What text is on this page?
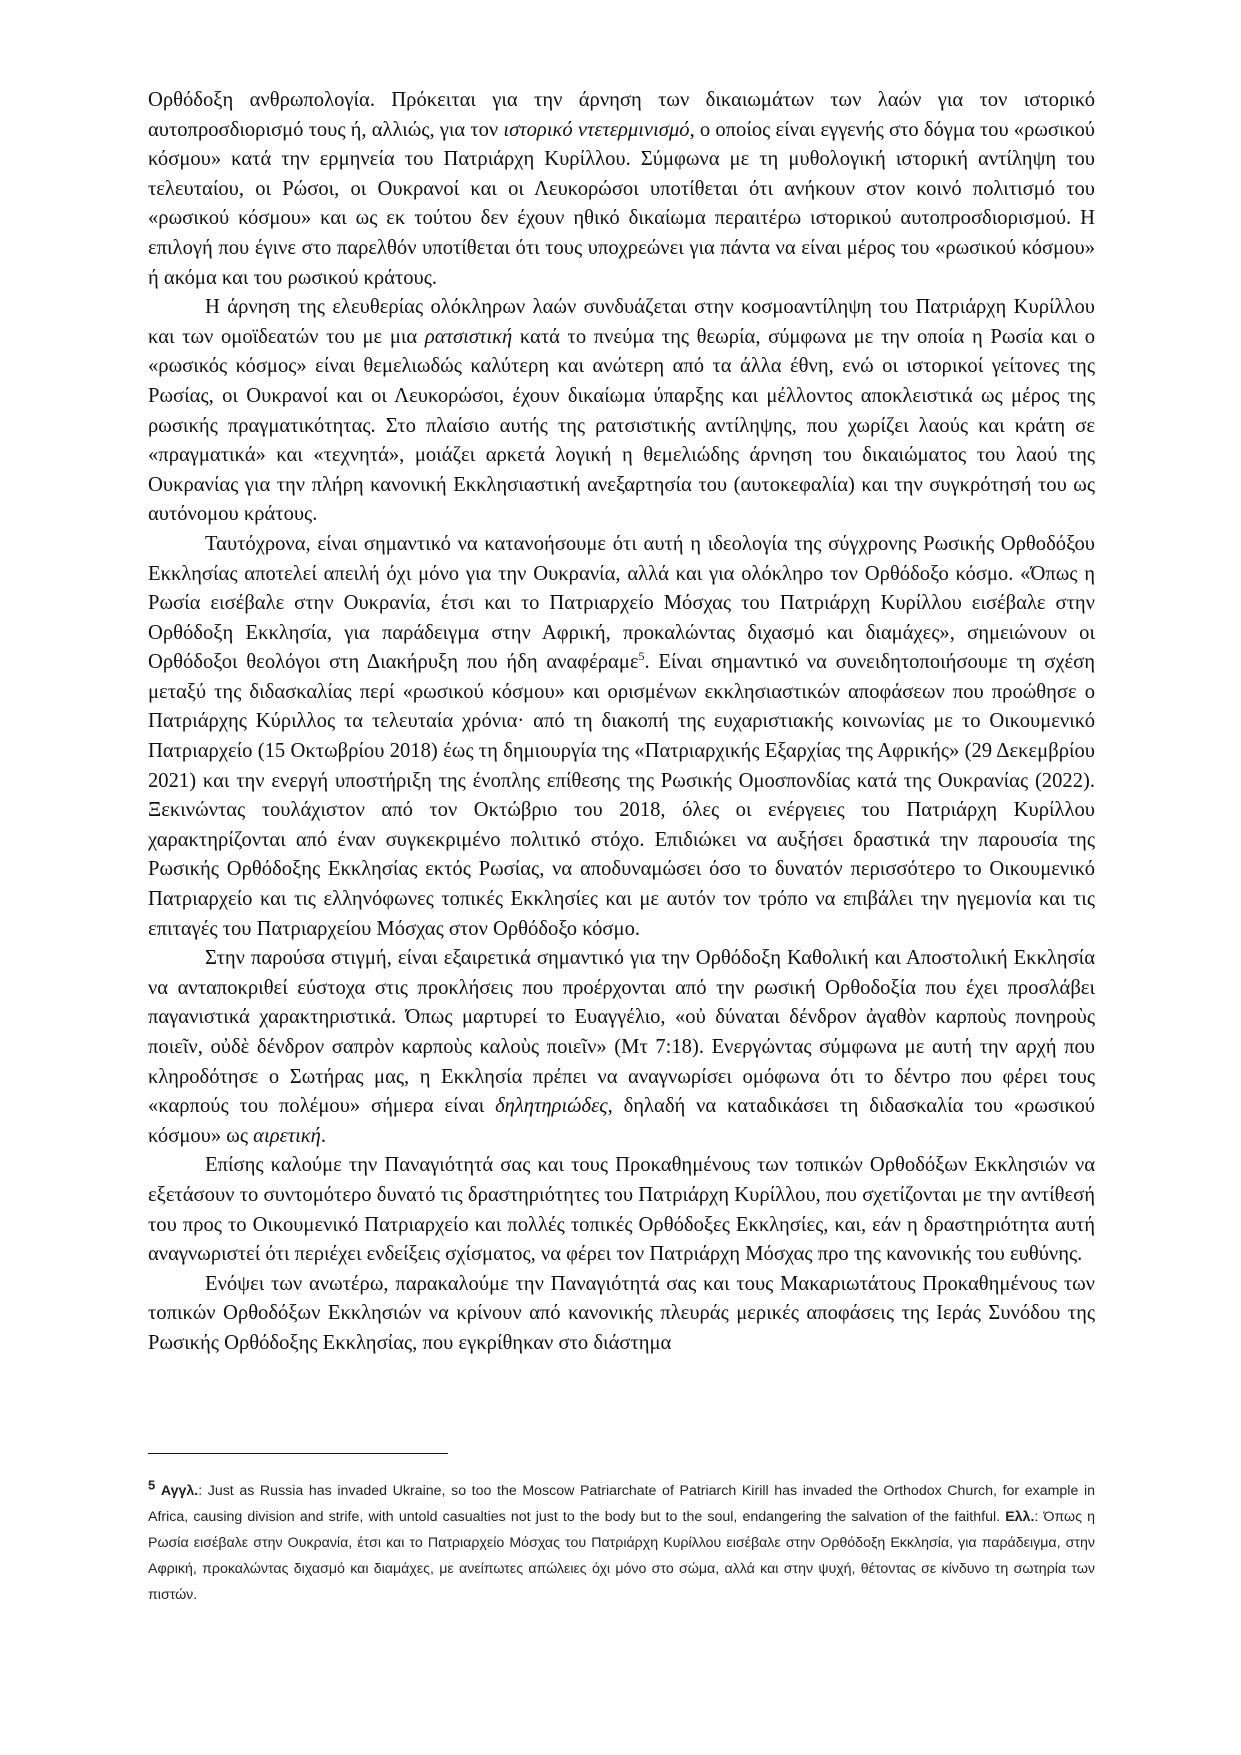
Ορθόδοξη ανθρωπολογία. Πρόκειται για την άρνηση των δικαιωμάτων των λαών για τον ιστορικό αυτοπροσδιορισμό τους ή, αλλιώς, για τον ιστορικό ντετερμινισμό, ο οποίος είναι εγγενής στο δόγμα του «ρωσικού κόσμου» κατά την ερμηνεία του Πατριάρχη Κυρίλλου. Σύμφωνα με τη μυθολογική ιστορική αντίληψη του τελευταίου, οι Ρώσοι, οι Ουκρανοί και οι Λευκορώσοι υποτίθεται ότι ανήκουν στον κοινό πολιτισμό του «ρωσικού κόσμου» και ως εκ τούτου δεν έχουν ηθικό δικαίωμα περαιτέρω ιστορικού αυτοπροσδιορισμού. Η επιλογή που έγινε στο παρελθόν υποτίθεται ότι τους υποχρεώνει για πάντα να είναι μέρος του «ρωσικού κόσμου» ή ακόμα και του ρωσικού κράτους.

Η άρνηση της ελευθερίας ολόκληρων λαών συνδυάζεται στην κοσμοαντίληψη του Πατριάρχη Κυρίλλου και των ομοϊδεατών του με μια ρατσιστική κατά το πνεύμα της θεωρία, σύμφωνα με την οποία η Ρωσία και ο «ρωσικός κόσμος» είναι θεμελιωδώς καλύτερη και ανώτερη από τα άλλα έθνη, ενώ οι ιστορικοί γείτονες της Ρωσίας, οι Ουκρανοί και οι Λευκορώσοι, έχουν δικαίωμα ύπαρξης και μέλλοντος αποκλειστικά ως μέρος της ρωσικής πραγματικότητας. Στο πλαίσιο αυτής της ρατσιστικής αντίληψης, που χωρίζει λαούς και κράτη σε «πραγματικά» και «τεχνητά», μοιάζει αρκετά λογική η θεμελιώδης άρνηση του δικαιώματος του λαού της Ουκρανίας για την πλήρη κανονική Εκκλησιαστική ανεξαρτησία του (αυτοκεφαλία) και την συγκρότησή του ως αυτόνομου κράτους.

Ταυτόχρονα, είναι σημαντικό να κατανοήσουμε ότι αυτή η ιδεολογία της σύγχρονης Ρωσικής Ορθοδόξου Εκκλησίας αποτελεί απειλή όχι μόνο για την Ουκρανία, αλλά και για ολόκληρο τον Ορθόδοξο κόσμο. «Όπως η Ρωσία εισέβαλε στην Ουκρανία, έτσι και το Πατριαρχείο Μόσχας του Πατριάρχη Κυρίλλου εισέβαλε στην Ορθόδοξη Εκκλησία, για παράδειγμα στην Αφρική, προκαλώντας διχασμό και διαμάχες», σημειώνουν οι Ορθόδοξοι θεολόγοι στη Διακήρυξη που ήδη αναφέραμε$^5$. Είναι σημαντικό να συνειδητοποιήσουμε τη σχέση μεταξύ της διδασκαλίας περί «ρωσικού κόσμου» και ορισμένων εκκλησιαστικών αποφάσεων που προώθησε ο Πατριάρχης Κύριλλος τα τελευταία χρόνια· από τη διακοπή της ευχαριστιακής κοινωνίας με το Οικουμενικό Πατριαρχείο (15 Οκτωβρίου 2018) έως τη δημιουργία της «Πατριαρχικής Εξαρχίας της Αφρικής» (29 Δεκεμβρίου 2021) και την ενεργή υποστήριξη της ένοπλης επίθεσης της Ρωσικής Ομοσπονδίας κατά της Ουκρανίας (2022). Ξεκινώντας τουλάχιστον από τον Οκτώβριο του 2018, όλες οι ενέργειες του Πατριάρχη Κυρίλλου χαρακτηρίζονται από έναν συγκεκριμένο πολιτικό στόχο. Επιδιώκει να αυξήσει δραστικά την παρουσία της Ρωσικής Ορθόδοξης Εκκλησίας εκτός Ρωσίας, να αποδυναμώσει όσο το δυνατόν περισσότερο το Οικουμενικό Πατριαρχείο και τις ελληνόφωνες τοπικές Εκκλησίες και με αυτόν τον τρόπο να επιβάλει την ηγεμονία και τις επιταγές του Πατριαρχείου Μόσχας στον Ορθόδοξο κόσμο.

Στην παρούσα στιγμή, είναι εξαιρετικά σημαντικό για την Ορθόδοξη Καθολική και Αποστολική Εκκλησία να ανταποκριθεί εύστοχα στις προκλήσεις που προέρχονται από την ρωσική Ορθοδοξία που έχει προσλάβει παγανιστικά χαρακτηριστικά. Όπως μαρτυρεί το Ευαγγέλιο, «οὐ δύναται δένδρον ἀγαθὸν καρποὺς πονηροὺς ποιεῖν, οὐδὲ δένδρον σαπρὸν καρποὺς καλοὺς ποιεῖν» (Μτ 7:18). Ενεργώντας σύμφωνα με αυτή την αρχή που κληροδότησε ο Σωτήρας μας, η Εκκλησία πρέπει να αναγνωρίσει ομόφωνα ότι το δέντρο που φέρει τους «καρπούς του πολέμου» σήμερα είναι δηλητηριώδες, δηλαδή να καταδικάσει τη διδασκαλία του «ρωσικού κόσμου» ως αιρετική.

Επίσης καλούμε την Παναγιότητά σας και τους Προκαθημένους των τοπικών Ορθοδόξων Εκκλησιών να εξετάσουν το συντομότερο δυνατό τις δραστηριότητες του Πατριάρχη Κυρίλλου, που σχετίζονται με την αντίθεσή του προς το Οικουμενικό Πατριαρχείο και πολλές τοπικές Ορθόδοξες Εκκλησίες, και, εάν η δραστηριότητα αυτή αναγνωριστεί ότι περιέχει ενδείξεις σχίσματος, να φέρει τον Πατριάρχη Μόσχας προ της κανονικής του ευθύνης.

Ενόψει των ανωτέρω, παρακαλούμε την Παναγιότητά σας και τους Μακαριωτάτους Προκαθημένους των τοπικών Ορθοδόξων Εκκλησιών να κρίνουν από κανονικής πλευράς μερικές αποφάσεις της Ιεράς Συνόδου της Ρωσικής Ορθόδοξης Εκκλησίας, που εγκρίθηκαν στο διάστημα

$^5$ Αγγλ.: Just as Russia has invaded Ukraine, so too the Moscow Patriarchate of Patriarch Kirill has invaded the Orthodox Church, for example in Africa, causing division and strife, with untold casualties not just to the body but to the soul, endangering the salvation of the faithful. Ελλ.: Όπως η Ρωσία εισέβαλε στην Ουκρανία, έτσι και το Πατριαρχείο Μόσχας του Πατριάρχη Κυρίλλου εισέβαλε στην Ορθόδοξη Εκκλησία, για παράδειγμα, στην Αφρική, προκαλώντας διχασμό και διαμάχες, με ανείπωτες απώλειες όχι μόνο στο σώμα, αλλά και στην ψυχή, θέτοντας σε κίνδυνο τη σωτηρία των πιστών.
